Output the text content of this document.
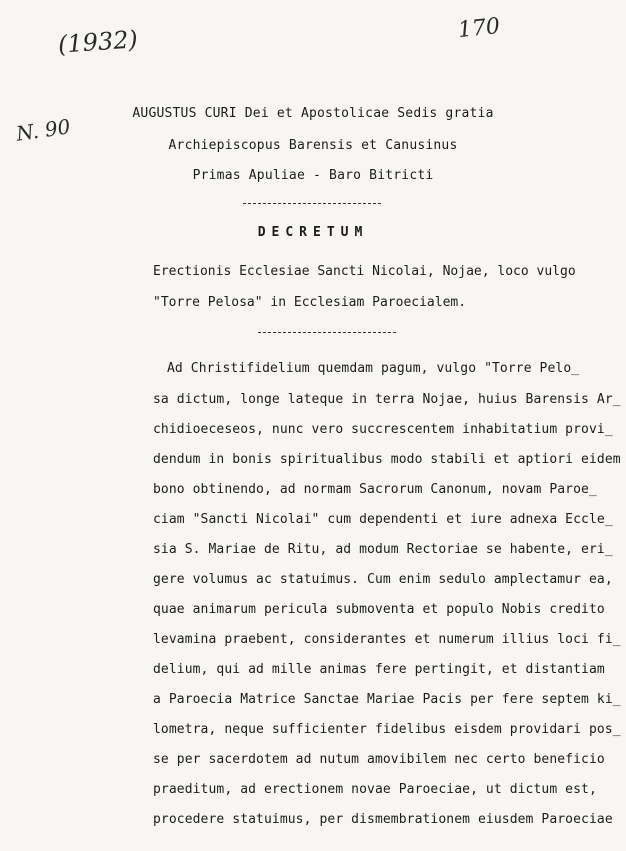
(1932)	170
N. 90
AUGUSTUS CURI Dei et Apostolicae Sedis gratia
Archiepiscopus Barensis et Canusinus
Primas Apuliae - Baro Bitricti
DECRETUM
Erectionis Ecclesiae Sancti Nicolai, Nojae, loco vulgo
"Torre Pelosa" in Ecclesiam Paroecialem.
Ad Christifidelium quemdam pagum, vulgo "Torre Pelo_
sa dictum, longe lateque in terra Nojae, huius Barensis Ar_
chidioeceseos, nunc vero succrescentem inhabitatium provi_
dendum in bonis spiritualibus modo stabili et aptiori eidem
bono obtinendo, ad normam Sacrorum Canonum, novam Paroe_
ciam "Sancti Nicolai" cum dependenti et iure adnexa Eccle_
sia S. Mariae de Ritu, ad modum Rectoriae se habente, eri_
gere volumus ac statuimus. Cum enim sedulo amplectamur ea,
quae animarum pericula submoventa et populo Nobis credito
levamina praebent, considerantes et numerum illius loci fi_
delium, qui ad mille animas fere pertingit, et distantiam
a Paroecia Matrice Sanctae Mariae Pacis per fere septem ki_
lometra, neque sufficienter fidelibus eisdem providari pos_
se per sacerdotem ad nutum amovibilem nec certo beneficio
praeditum, ad erectionem novae Paroeciae, ut dictum est,
procedere statuimus, per dismembrationem eiusdem Paroeciae
